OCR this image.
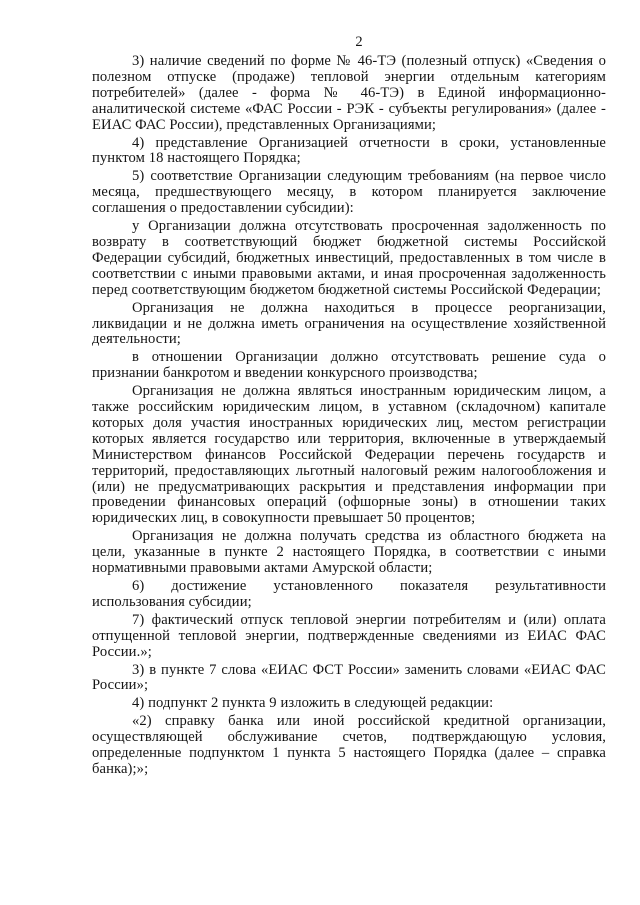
2

3) наличие сведений по форме № 46-ТЭ (полезный отпуск) «Сведения о полезном отпуске (продаже) тепловой энергии отдельным категориям потребителей» (далее - форма № 46-ТЭ) в Единой информационно-аналитической системе «ФАС России - РЭК - субъекты регулирования» (далее - ЕИАС ФАС России), представленных Организациями;

4) представление Организацией отчетности в сроки, установленные пунктом 18 настоящего Порядка;

5) соответствие Организации следующим требованиям (на первое число месяца, предшествующего месяцу, в котором планируется заключение соглашения о предоставлении субсидии):

у Организации должна отсутствовать просроченная задолженность по возврату в соответствующий бюджет бюджетной системы Российской Федерации субсидий, бюджетных инвестиций, предоставленных в том числе в соответствии с иными правовыми актами, и иная просроченная задолженность перед соответствующим бюджетом бюджетной системы Российской Федерации;

Организация не должна находиться в процессе реорганизации, ликвидации и не должна иметь ограничения на осуществление хозяйственной деятельности;

в отношении Организации должно отсутствовать решение суда о признании банкротом и введении конкурсного производства;

Организация не должна являться иностранным юридическим лицом, а также российским юридическим лицом, в уставном (складочном) капитале которых доля участия иностранных юридических лиц, местом регистрации которых является государство или территория, включенные в утверждаемый Министерством финансов Российской Федерации перечень государств и территорий, предоставляющих льготный налоговый режим налогообложения и (или) не предусматривающих раскрытия и представления информации при проведении финансовых операций (офшорные зоны) в отношении таких юридических лиц, в совокупности превышает 50 процентов;

Организация не должна получать средства из областного бюджета на цели, указанные в пункте 2 настоящего Порядка, в соответствии с иными нормативными правовыми актами Амурской области;

6) достижение установленного показателя результативности использования субсидии;

7) фактический отпуск тепловой энергии потребителям и (или) оплата отпущенной тепловой энергии, подтвержденные сведениями из ЕИАС ФАС России.»;

3) в пункте 7 слова «ЕИАС ФСТ России» заменить словами «ЕИАС ФАС России»;

4) подпункт 2 пункта 9 изложить в следующей редакции:

«2) справку банка или иной российской кредитной организации, осуществляющей обслуживание счетов, подтверждающую условия, определенные подпунктом 1 пункта 5 настоящего Порядка (далее – справка банка);»;
